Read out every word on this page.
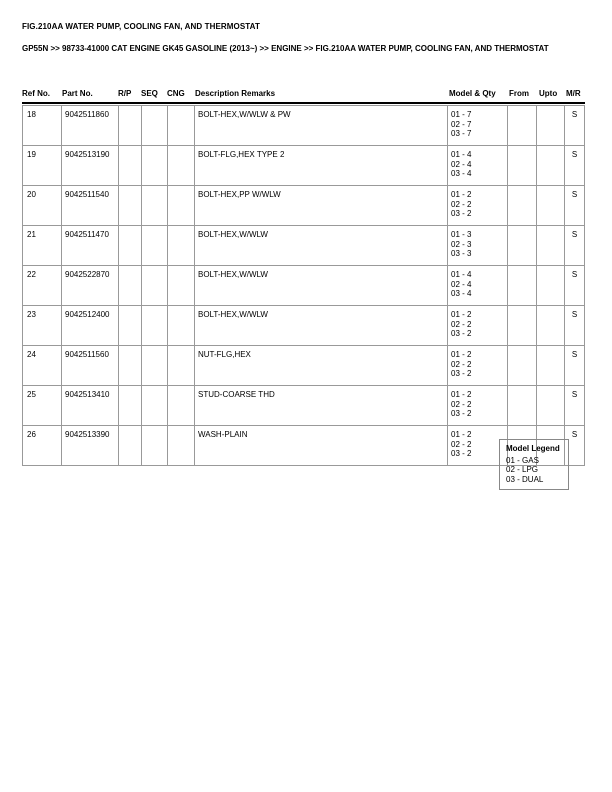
FIG.210AA WATER PUMP, COOLING FAN, AND THERMOSTAT
GP55N >> 98733-41000 CAT ENGINE GK45 GASOLINE (2013~) >> ENGINE >> FIG.210AA WATER PUMP, COOLING FAN, AND THERMOSTAT
Ref No. Part No.	R/P SEQ CNG Description Remarks	Model & Qty From Upto M/R
18	9042511860				BOLT-HEX,W/WLW & PW	01 - 7
02 - 7
03 - 7			S
19	9042513190				BOLT-FLG,HEX TYPE 2	01 - 4
02 - 4
03 - 4			S
20	9042511540				BOLT-HEX,PP W/WLW	01 - 2
02 - 2
03 - 2			S
21	9042511470				BOLT-HEX,W/WLW	01 - 3
02 - 3
03 - 3			S
22	9042522870				BOLT-HEX,W/WLW	01 - 4
02 - 4
03 - 4			S
23	9042512400				BOLT-HEX,W/WLW	01 - 2
02 - 2
03 - 2			S
24	9042511560				NUT-FLG,HEX	01 - 2
02 - 2
03 - 2			S
25	9042513410				STUD-COARSE THD	01 - 2
02 - 2
03 - 2			S
26	9042513390				WASH-PLAIN	01 - 2
02 - 2
03 - 2			S
Model Legend
01 - GAS
02 - LPG
03 - DUAL
